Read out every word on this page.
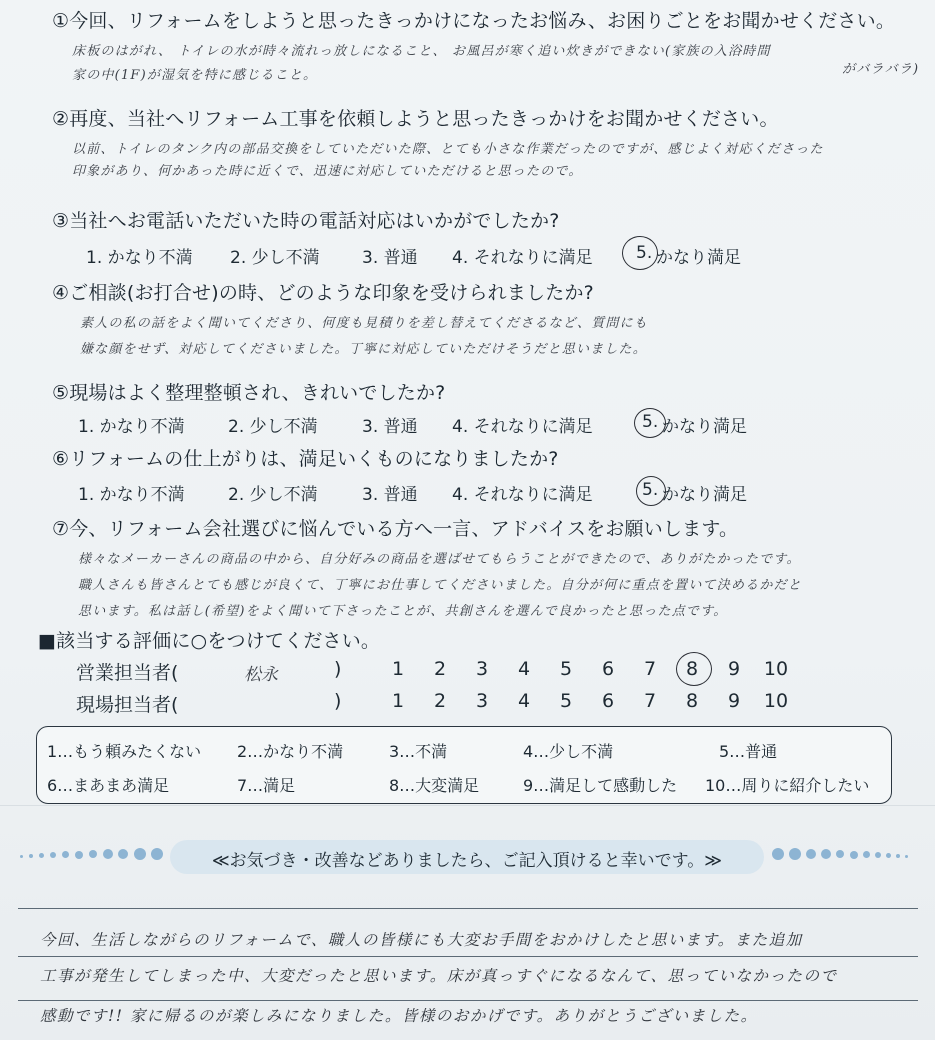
①今回、リフォームをしようと思ったきっかけになったお悩み、お困りごとをお聞かせください。
床板のはがれ、 トイレの水が時々流れっ放しになること、 お風呂が寒く追い炊きができない(家族の入浴時間
家の中(1F)が湿気を特に感じること。	がバラバラ)
②再度、当社へリフォーム工事を依頼しようと思ったきっかけをお聞かせください。
以前、トイレのタンク内の部品交換をしていただいた際、とても小さな作業だったのですが、感じよく対応くださった
印象があり、何かあった時に近くで、迅速に対応していただけると思ったので。
③当社へお電話いただいた時の電話対応はいかがでしたか?
1. かなり不満 2. 少し不満 3. 普通 4. それなりに満足	5. かなり満足
④ご相談(お打合せ)の時、どのような印象を受けられましたか?
素人の私の話をよく聞いてくださり、何度も見積りを差し替えてくださるなど、質問にも
嫌な顔をせず、対応してくださいました。丁寧に対応していただけそうだと思いました。
⑤現場はよく整理整頓され、きれいでしたか?
1. かなり不満	2. 少し不満	3. 普通 4. それなりに満足	5. かなり満足
⑥リフォームの仕上がりは、満足いくものになりましたか?
1. かなり不満	2. 少し不満	3. 普通 4. それなりに満足	5. かなり満足
⑦今、リフォーム会社選びに悩んでいる方へ一言、アドバイスをお願いします。
様々なメーカーさんの商品の中から、自分好みの商品を選ばせてもらうことができたので、ありがたかったです。
職人さんも皆さんとても感じが良くて、丁寧にお仕事してくださいました。自分が何に重点を置いて決めるかだと
思います。私は話し(希望)をよく聞いて下さったことが、共創さんを選んで良かったと思った点です。
■該当する評価に○をつけてください。
営業担当者(	松永	)	1	2	3	4	5	6	7	8	9	10
現場担当者(	)	1	2	3	4	5	6	7	8	9	10
1…もう頼みたくない 2…かなり不満	3…不満	4…少し不満	5…普通
6…まあまあ満足	7…満足	8…大変満足	9…満足して感動した 10…周りに紹介したい
≪お気づき・改善などありましたら、ご記入頂けると幸いです。≫
今回、生活しながらのリフォームで、職人の皆様にも大変お手間をおかけしたと思います。また追加
工事が発生してしまった中、大変だったと思います。床が真っすぐになるなんて、思っていなかったので
感動です!! 家に帰るのが楽しみになりました。皆様のおかげです。ありがとうございました。
